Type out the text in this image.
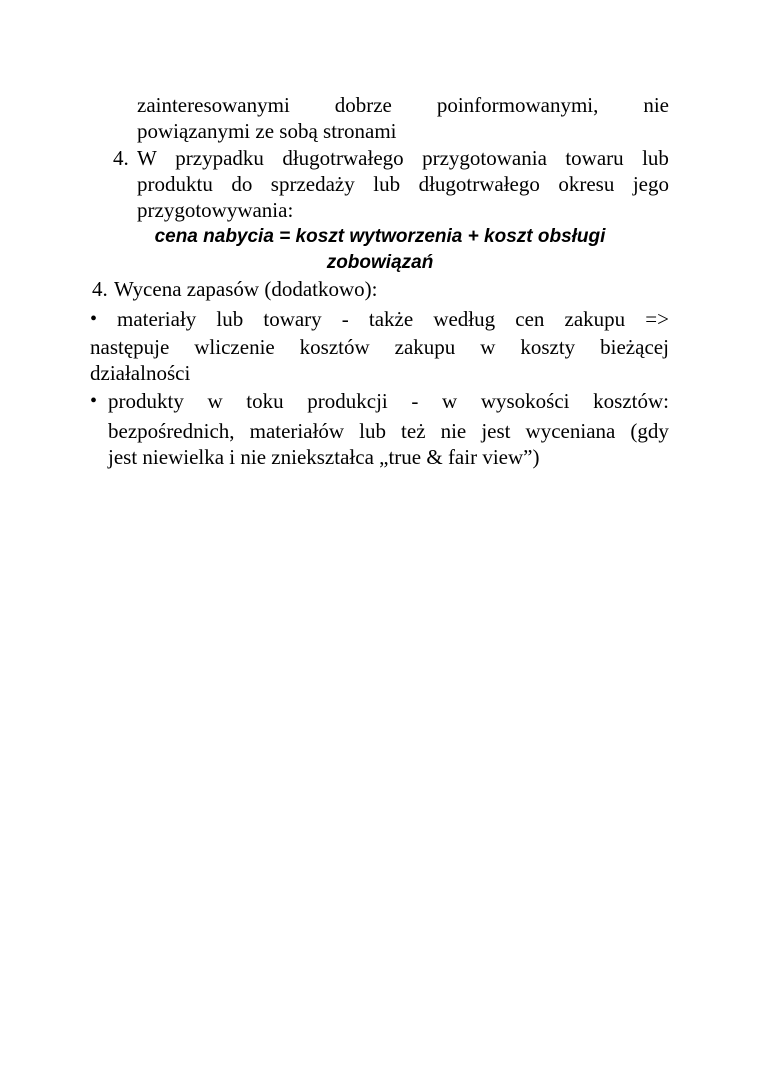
zainteresowanymi dobrze poinformowanymi, nie
powiązanymi ze sobą stronami
4. W przypadku długotrwałego przygotowania towaru lub
produktu do sprzedaży lub długotrwałego okresu jego
przygotowywania:
cena nabycia = koszt wytworzenia + koszt obsługi
zobowiązań
4. Wycena zapasów (dodatkowo):
• materiały lub towary - także według cen zakupu =>
następuje wliczenie kosztów zakupu w koszty bieżącej
działalności
• produkty w toku produkcji - w wysokości kosztów:
bezpośrednich, materiałów lub też nie jest wyceniana (gdy
jest niewielka i nie zniekształca „true & fair view”)
